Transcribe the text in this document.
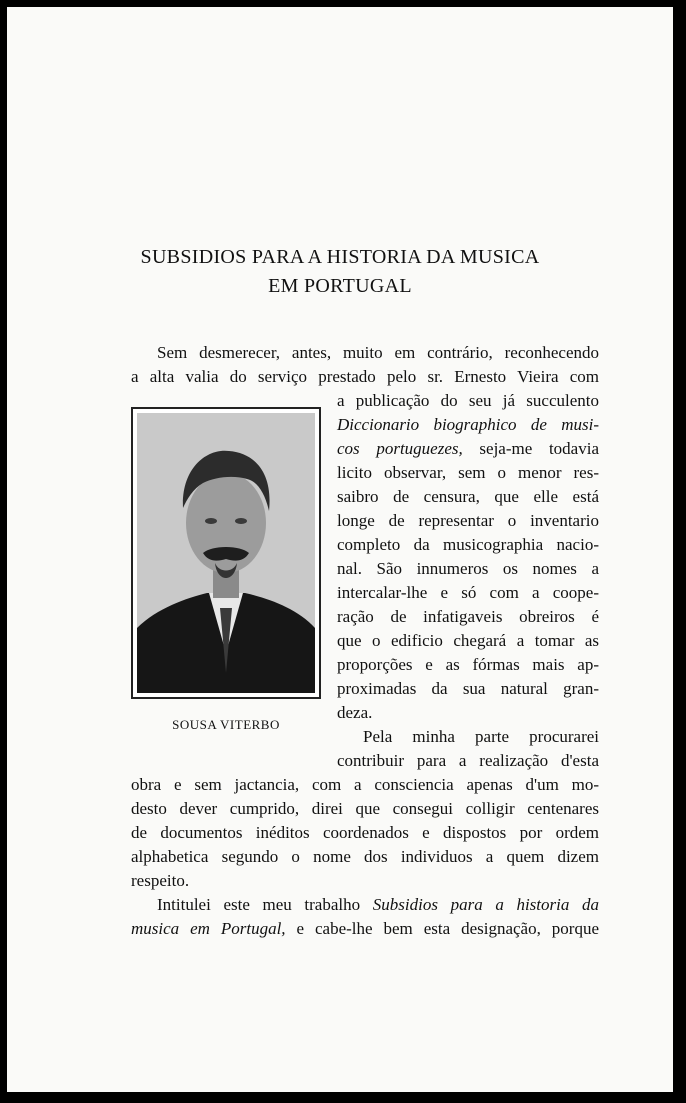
SUBSIDIOS PARA A HISTORIA DA MUSICA
EM PORTUGAL
Sem desmerecer, antes, muito em contrário, reconhecendo
a alta valia do serviço prestado pelo sr. Ernesto Vieira com
SOUSA VITERBO
a publicação do seu já succulento
Diccionario biographico de musi-
cos portuguezes, seja-me todavia
licito observar, sem o menor res-
saibro de censura, que elle está
longe de representar o inventario
completo da musicographia nacio-
nal. São innumeros os nomes a
intercalar-lhe e só com a coope-
ração de infatigaveis obreiros é
que o edificio chegará a tomar as
proporções e as fórmas mais ap-
proximadas da sua natural gran-
deza.
Pela minha parte procurarei
contribuir para a realização d'esta
obra e sem jactancia, com a consciencia apenas d'um mo-
desto dever cumprido, direi que consegui colligir centenares
de documentos inéditos coordenados e dispostos por ordem
alphabetica segundo o nome dos individuos a quem dizem
respeito.
Intitulei este meu trabalho Subsidios para a historia da
musica em Portugal, e cabe-lhe bem esta designação, porque
